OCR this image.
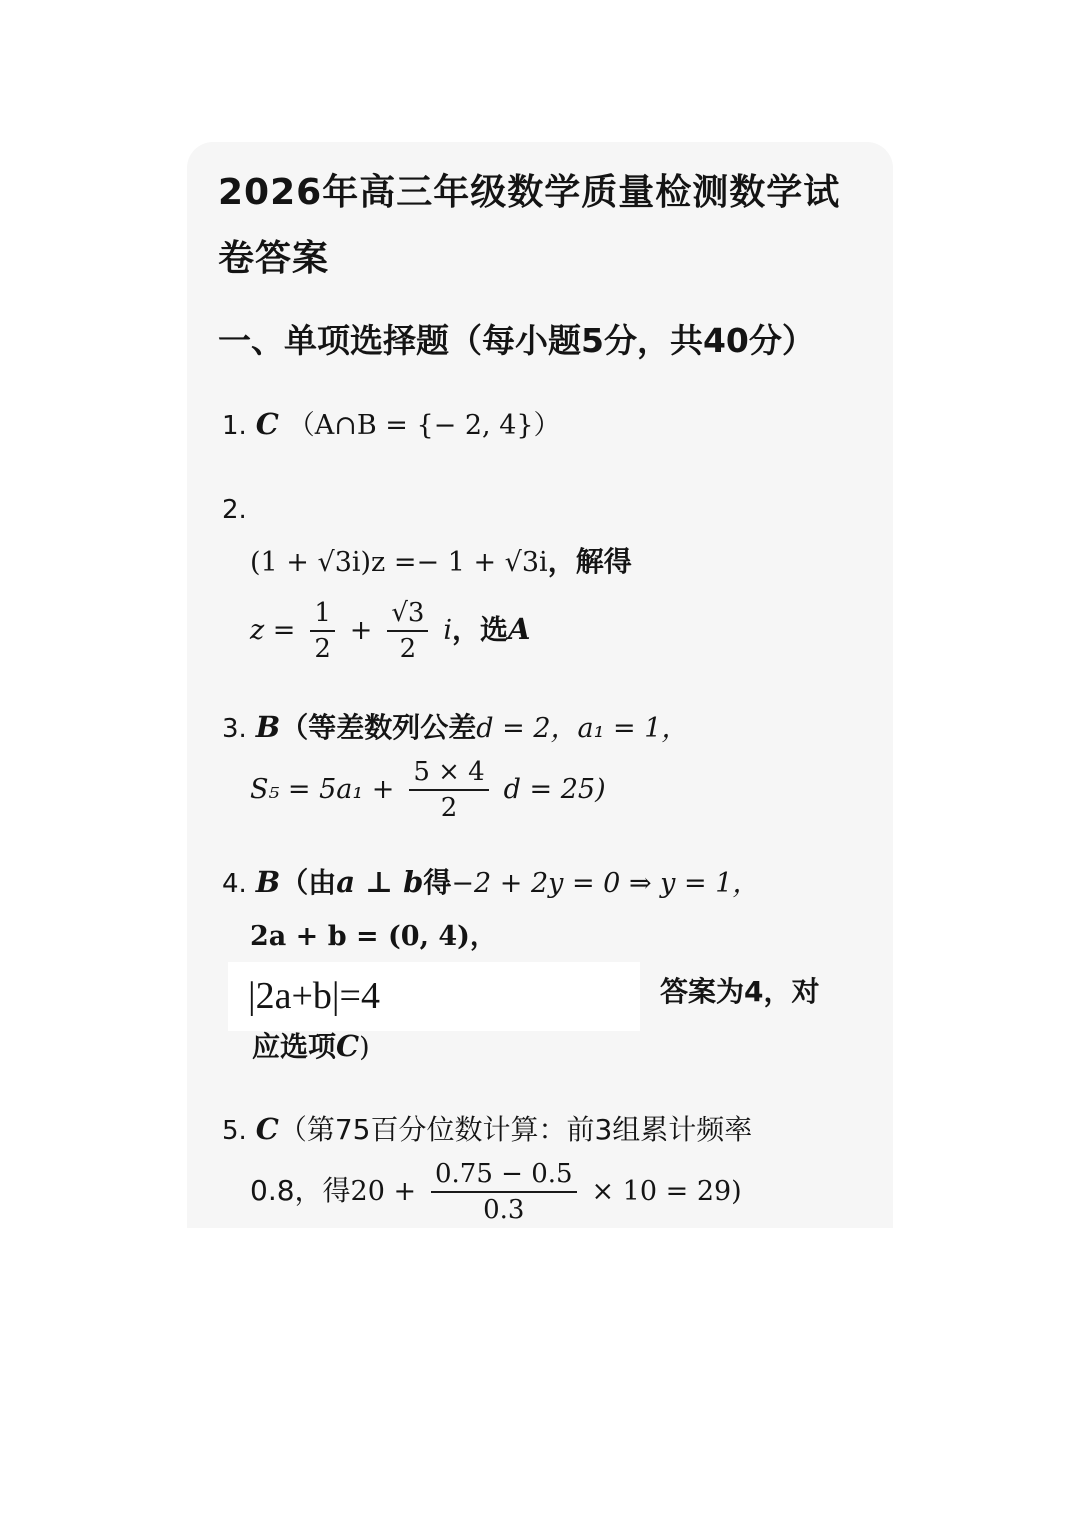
2026年高三年级数学质量检测数学试卷答案
一、单项选择题（每小题5分，共40分）
1. C （A∩B = {− 2, 4}）
2.
(1 + √3i)z =− 1 + √3i，解得
$z = \frac{1}{2} + \frac{√3}{2}$ i，选A
3. B（等差数列公差d = 2，a₁ = 1，
$S_5 = 5a_1 + \frac{5 \times 4}{2}$ d = 25)
4. B（由a ⊥ b得−2 + 2y = 0 ⇒ y = 1，
2a + b = (0, 4)，
|2a+b|=4	答案为4，对
应选项C)
5. C（第75百分位数计算：前3组累计频率
0.8，得$20 + \frac{0.75 - 0.5}{0.3} \times 10 = 29$)
